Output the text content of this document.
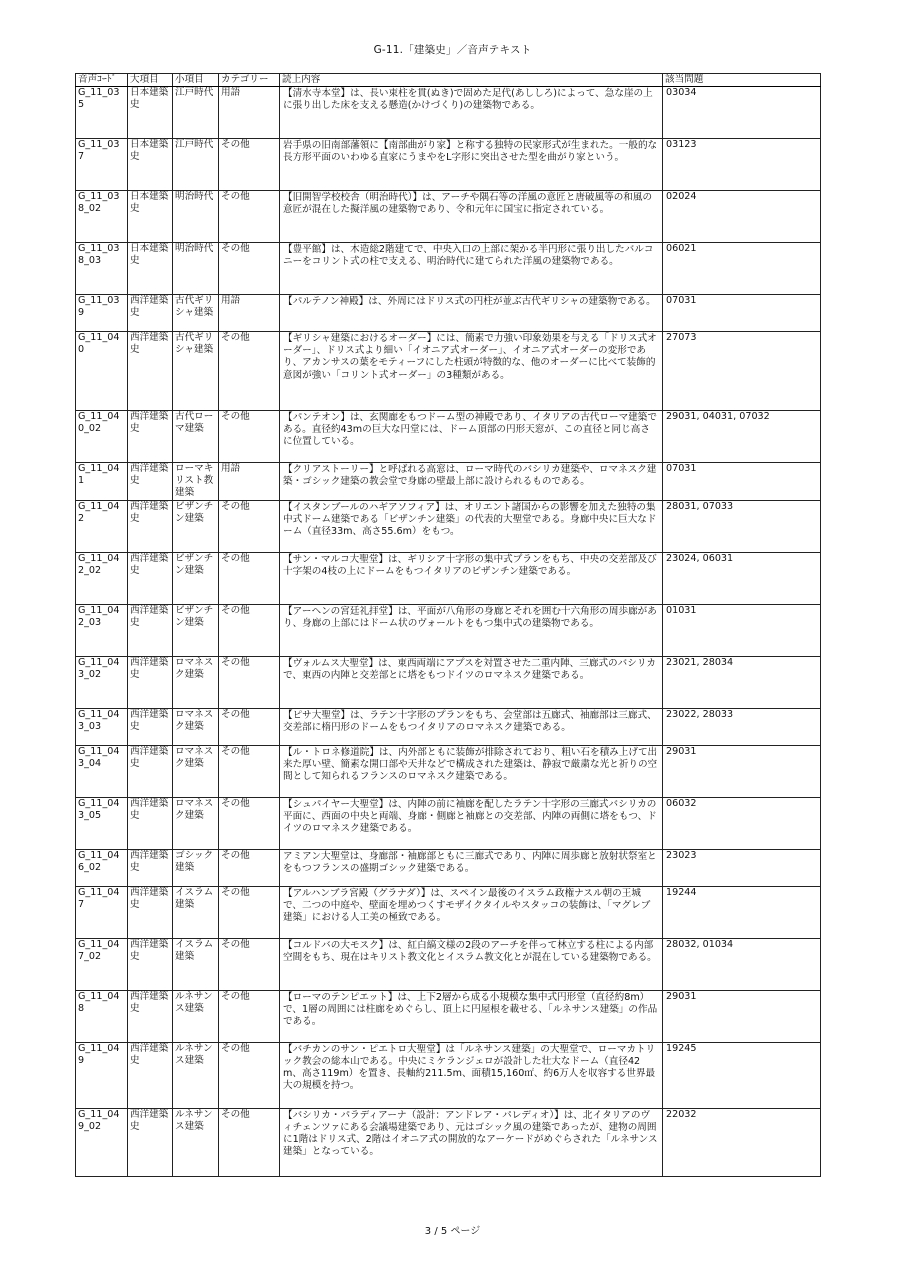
G-11.「建築史」／音声テキスト
音声ｺｰﾄﾞ	大項目	小項目	カテゴリー	読上内容	該当問題
G_11_035	日本建築史	江戸時代	用語	【清水寺本堂】は、長い束柱を貫(ぬき)で固めた足代(あししろ)によって、急な崖の上に張り出した床を支える懸造(かけづくり)の建築物である。	03034
G_11_037	日本建築史	江戸時代	その他	岩手県の旧南部藩領に【南部曲がり家】と称する独特の民家形式が生まれた。一般的な長方形平面のいわゆる直家にうまやをL字形に突出させた型を曲がり家という。	03123
G_11_038_02	日本建築史	明治時代	その他	【旧開智学校校舎（明治時代）】は、アーチや隅石等の洋風の意匠と唐破風等の和風の意匠が混在した擬洋風の建築物であり、令和元年に国宝に指定されている。	02024
G_11_038_03	日本建築史	明治時代	その他	【豊平館】は、木造総2階建てで、中央入口の上部に架かる半円形に張り出したバルコニーをコリント式の柱で支える、明治時代に建てられた洋風の建築物である。	06021
G_11_039	西洋建築史	古代ギリシャ建築	用語	【パルテノン神殿】は、外周にはドリス式の円柱が並ぶ古代ギリシャの建築物である。	07031
G_11_040	西洋建築史	古代ギリシャ建築	その他	【ギリシャ建築におけるオーダー】には、簡素で力強い印象効果を与える「ドリス式オーダー」、ドリス式より細い「イオニア式オーダー」、イオニア式オーダーの変形であり、アカンサスの葉をモティーフにした柱頭が特徴的な、他のオーダーに比べて装飾的意図が強い「コリント式オーダー」の3種類がある。	27073
G_11_040_02	西洋建築史	古代ローマ建築	その他	【パンテオン】は、玄関廊をもつドーム型の神殿であり、イタリアの古代ローマ建築である。直径約43mの巨大な円堂には、ドーム頂部の円形天窓が、この直径と同じ高さに位置している。	29031, 04031, 07032
G_11_041	西洋建築史	ローマキリスト教建築	用語	【クリアストーリー】と呼ばれる高窓は、ローマ時代のバシリカ建築や、ロマネスク建築・ゴシック建築の教会堂で身廊の壁最上部に設けられるものである。	07031
G_11_042	西洋建築史	ビザンチン建築	その他	【イスタンブールのハギアソフィア】は、オリエント諸国からの影響を加えた独特の集中式ドーム建築である「ビザンチン建築」の代表的大聖堂である。身廊中央に巨大なドーム（直径33m、高さ55.6m）をもつ。	28031, 07033
G_11_042_02	西洋建築史	ビザンチン建築	その他	【サン・マルコ大聖堂】は、ギリシア十字形の集中式プランをもち、中央の交差部及び十字架の4枝の上にドームをもつイタリアのビザンチン建築である。	23024, 06031
G_11_042_03	西洋建築史	ビザンチン建築	その他	【アーヘンの宮廷礼拝堂】は、平面が八角形の身廊とそれを囲む十六角形の周歩廊があり、身廊の上部にはドーム状のヴォールトをもつ集中式の建築物である。	01031
G_11_043_02	西洋建築史	ロマネスク建築	その他	【ヴォルムス大聖堂】は、東西両端にアプスを対置させた二重内陣、三廊式のバシリカで、東西の内陣と交差部とに塔をもつドイツのロマネスク建築である。	23021, 28034
G_11_043_03	西洋建築史	ロマネスク建築	その他	【ピサ大聖堂】は、ラテン十字形のプランをもち、会堂部は五廊式、袖廊部は三廊式、交差部に楕円形のドームをもつイタリアのロマネスク建築である。	23022, 28033
G_11_043_04	西洋建築史	ロマネスク建築	その他	【ル・トロネ修道院】は、内外部ともに装飾が排除されており、粗い石を積み上げて出来た厚い壁、簡素な開口部や天井などで構成された建築は、静寂で厳粛な光と祈りの空間として知られるフランスのロマネスク建築である。	29031
G_11_043_05	西洋建築史	ロマネスク建築	その他	【シュパイヤー大聖堂】は、内陣の前に袖廊を配したラテン十字形の三廊式バシリカの平面に、西面の中央と両端、身廊・側廊と袖廊との交差部、内陣の両側に塔をもつ、ドイツのロマネスク建築である。	06032
G_11_046_02	西洋建築史	ゴシック建築	その他	アミアン大聖堂は、身廊部・袖廊部ともに三廊式であり、内陣に周歩廊と放射状祭室とをもつフランスの盛期ゴシック建築である。	23023
G_11_047	西洋建築史	イスラム建築	その他	【アルハンブラ宮殿（グラナダ）】は、スペイン最後のイスラム政権ナスル朝の王城で、二つの中庭や、壁面を埋めつくすモザイクタイルやスタッコの装飾は、「マグレブ建築」における人工美の極致である。	19244
G_11_047_02	西洋建築史	イスラム建築	その他	【コルドバの大モスク】は、紅白縞文様の2段のアーチを伴って林立する柱による内部空間をもち、現在はキリスト教文化とイスラム教文化とが混在している建築物である。	28032, 01034
G_11_048	西洋建築史	ルネサンス建築	その他	【ローマのテンピエット】は、上下2層から成る小規模な集中式円形堂（直径約8m）で、1層の周囲には柱廊をめぐらし、頂上に円屋根を載せる、「ルネサンス建築」の作品である。	29031
G_11_049	西洋建築史	ルネサンス建築	その他	【バチカンのサン・ピエトロ大聖堂】は「ルネサンス建築」の大聖堂で、ローマカトリック教会の総本山である。中央にミケランジェロが設計した壮大なドーム（直径42m、高さ119m）を置き、長軸約211.5m、面積15,160㎡、約6万人を収容する世界最大の規模を持つ。	19245
G_11_049_02	西洋建築史	ルネサンス建築	その他	【バシリカ・パラディアーナ（設計：アンドレア・パレディオ）】は、北イタリアのヴィチェンツァにある会議場建築であり、元はゴシック風の建築であったが、建物の周囲に1階はドリス式、2階はイオニア式の開放的なアーケードがめぐらされた「ルネサンス建築」となっている。	22032
3 / 5 ページ
